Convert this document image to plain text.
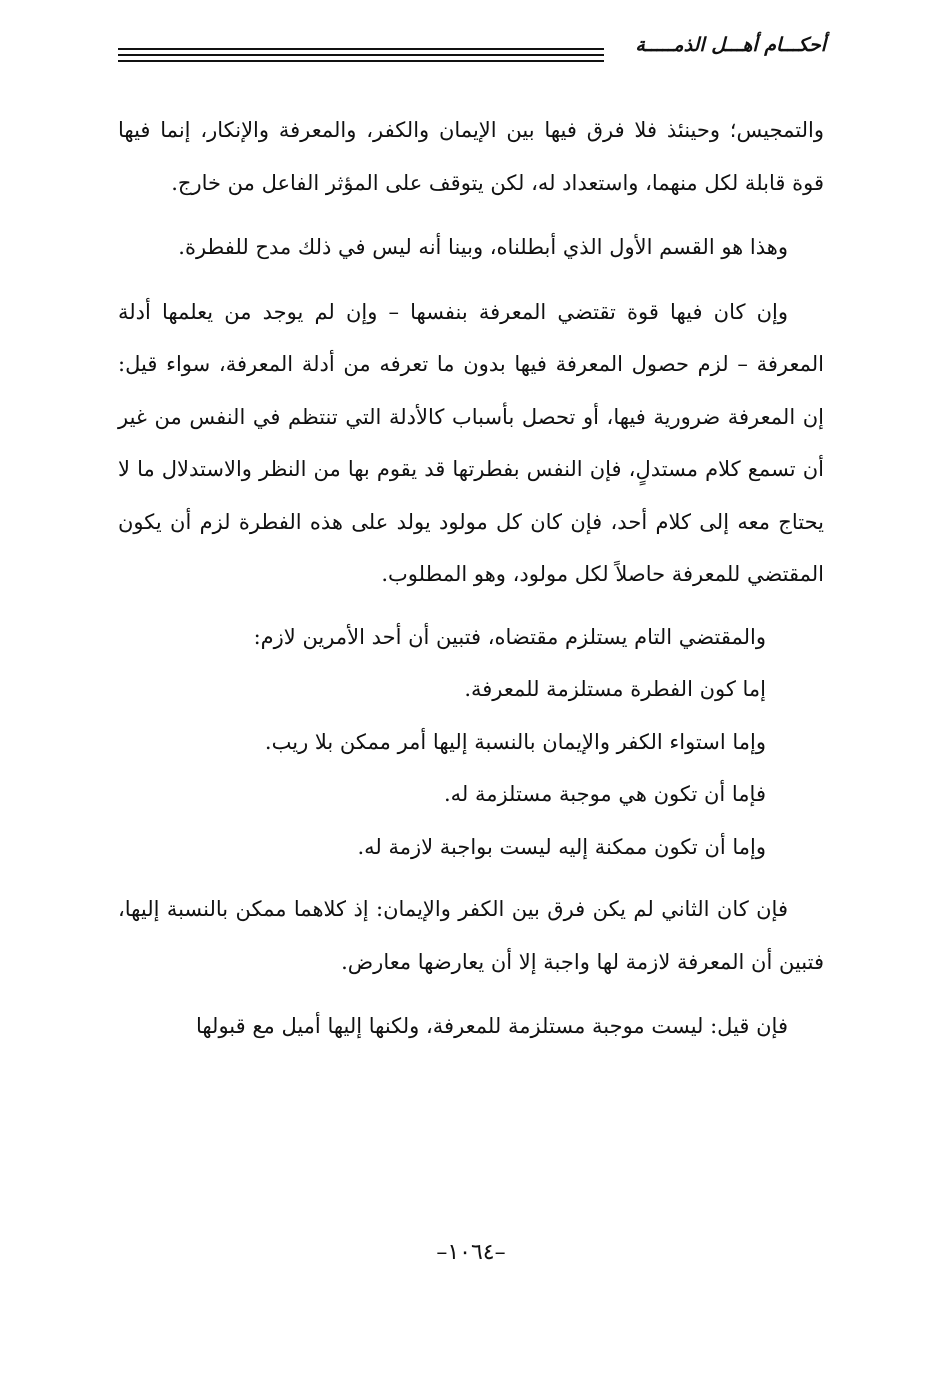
أحكـــام أهـــل الذمـــــة

والتمجيس؛ وحينئذ فلا فرق فيها بين الإيمان والكفر، والمعرفة والإنكار، إنما فيها قوة قابلة لكل منهما، واستعداد له، لكن يتوقف على المؤثر الفاعل من خارج.

وهذا هو القسم الأول الذي أبطلناه، وبينا أنه ليس في ذلك مدح للفطرة.

وإن كان فيها قوة تقتضي المعرفة بنفسها – وإن لم يوجد من يعلمها أدلة المعرفة – لزم حصول المعرفة فيها بدون ما تعرفه من أدلة المعرفة، سواء قيل: إن المعرفة ضرورية فيها، أو تحصل بأسباب كالأدلة التي تنتظم في النفس من غير أن تسمع كلام مستدلٍ، فإن النفس بفطرتها قد يقوم بها من النظر والاستدلال ما لا يحتاج معه إلى كلام أحد، فإن كان كل مولود يولد على هذه الفطرة لزم أن يكون المقتضي للمعرفة حاصلاً لكل مولود، وهو المطلوب.

والمقتضي التام يستلزم مقتضاه، فتبين أن أحد الأمرين لازم:

إما كون الفطرة مستلزمة للمعرفة.

وإما استواء الكفر والإيمان بالنسبة إليها أمر ممكن بلا ريب.

فإما أن تكون هي موجبة مستلزمة له.

وإما أن تكون ممكنة إليه ليست بواجبة لازمة له.

فإن كان الثاني لم يكن فرق بين الكفر والإيمان: إذ كلاهما ممكن بالنسبة إليها، فتبين أن المعرفة لازمة لها واجبة إلا أن يعارضها معارض.

فإن قيل: ليست موجبة مستلزمة للمعرفة، ولكنها إليها أميل مع قبولها

–١٠٦٤–
